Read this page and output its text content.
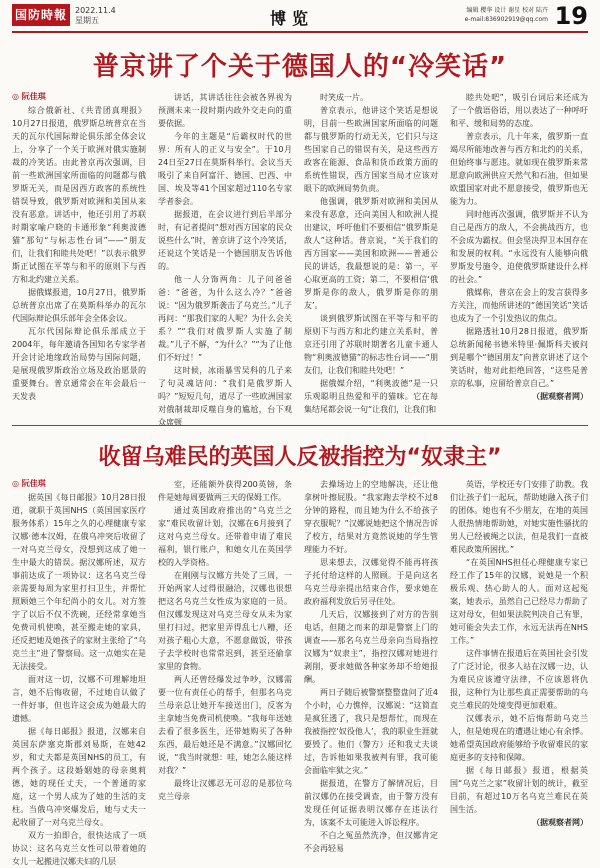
国防時報	2022.11.4
星期五	博览	编辑 樱华 设计 谢星 校对 陆卉
e-mail:836902919@qq.com 19
普京讲了个关于德国人的“冷笑话”
◎ 阮佳琪

综合俄新社、《共青团真理报》10月27日报道，俄罗斯总统普京在当天的瓦尔代国际辩论俱乐部全体会议上，分享了一个关于欧洲对俄实施制裁的冷笑话。由此普京再次强调，目前一些欧洲国家所面临的问题都与俄罗斯无关，而是因西方政客的系统性错误导致，俄罗斯对欧洲和美国从来没有恶意。讲话中，他还引用了苏联时期家喻户晓的卡通形象“利奥波德猫”那句“与标志性台词”——“朋友们，让我们和睦共处吧！”以表示俄罗斯正试图在平等与和平的原则下与西方和北约建立关系。

据俄媒报道，10月27日，俄罗斯总统普京出席了在莫斯科举办的瓦尔代国际辩论俱乐部年会全体会议。

瓦尔代国际辩论俱乐部成立于2004年，每年邀请各国知名专家学者开会讨论地缘政治局势与国际问题，是展现俄罗斯政治立场及政治愿景的重要舞台。普京通常会在年会最后一天发表

讲话，其讲话往往会被各界视为预测未来一段时期内政外交走向的重要依据。

今年的主题是“后霸权时代的世界：所有人的正义与安全”。于10月24日至27日在莫斯科举行。会议当天吸引了来自阿富汗、德国、巴西、中国、埃及等41个国家超过110名专家学者参会。

据报道，在会议进行到后半部分时，有记者提问“想对西方国家的民众说些什么”时，普京讲了这个冷笑话，还说这个笑话是一个德国朋友告诉他的。

他一人分饰两角：儿子问爸爸爸：“爸爸，为什么这么冷？”爸爸说：“因为俄罗斯袭击了乌克兰。”儿子再问：“那我们家的人呢？为什么会关系？”“我们对俄罗斯人实施了制裁。”儿子不解，“为什么？”“为了让他们不好过！”

这时候，冰雨暴雪吴科的几子来了句灵魂诘问：“我们是俄罗斯人吗？”短短几句，道尽了一些欧洲国家对俄制裁却反噬自身的尴尬，台下观众席顿

时笑成一片。

普京表示，他讲这个笑话是想说明，目前一些欧洲国家所面临的问题都与俄罗斯的行动无关，它们只与这些国家自己的错误有关，是这些西方政客在能源、食品和货币政策方面的系统性错误，西方国家当局才应该对眼下的欧洲局势负责。

他强调，俄罗斯对欧洲和美国从来没有恶意，还向美国人和欧洲人提出建议，呼吁他们不要相信“俄罗斯是敌人”这种话。普京说，“关于我们的西方国家——美国和欧洲——普通公民的讲话，我最想说的是：第一，平心取更高的工资；第二，不要相信‘俄罗斯是你的敌人，俄罗斯是你的朋友’。

谈到俄罗斯试图在平等与和平的原则下与西方和北约建立关系时，普京还引用了苏联时期著名儿童卡通人物“利奥波德猫”的标志性台词——“朋友们，让我们和睦共处吧！”

据俄媒介绍，“利奥波德”是一只乐观聪明且热爱和平的猫咪。它在每集结尾都会说一句“让我们，让我们和

睦共处吧”，吸引台词后来还成为了一个俄语俗语，用以表达了一种呼吁和平、缓和局势的态度。

普京表示，几十年来，俄罗斯一直竭尽所能地改善与西方和北约的关系，但始终事与愿违。就如现在俄罗斯来常愿意向欧洲供应天然气和石油，但如果欧盟国家对此不愿意接受，俄罗斯也无能为力。

同时他再次强调，俄罗斯并不认为自己是西方的敌人，不会挑战西方，也不会成为霸权。但会坚决捍卫本国存在和发展的权利。“永远没有人能够向俄罗斯发号施令，迫使俄罗斯建设什么样的社会。”

俄媒称，普京在会上的发言获得多方关注，而他所讲述的“德国笑话”笑话也成为了一个引发热议的焦点。

据路透社10月28日报道，俄罗斯总统新闻秘书德米特里·佩斯科夫被问到是哪个“德国朋友”向普京讲述了这个笑话时，他对此拒绝回答，“这些是普京的私事，应留给普京自己。”

（据观察者网）

收留乌难民的英国人反被指控为“奴隶主”
◎ 阮佳琪

据英国《每日邮报》10月28日报道，就职于英国NHS（英国国家医疗服务体系）15年之久的心理健康专家汉娜·德本汉姆，在俄乌冲突后收留了一对乌克兰母女，没想到这成了她一生中最大的错误。据汉娜所述，双方事前达成了一项协议：这名乌克兰母亲需要每周为家里打扫卫生，并帮忙照顾她三个年纪尚小的女儿。对方签字了以后不仅不洗碗，还经常拿她当免费司机使唤，甚至搬走她的家具，还反把她及她孩子的家财主张给了“乌克兰主”进了警察局。这一点她实在是无法接受。

面对这一切，汉娜不可理解地坦言，她不后悔收留，不过她自认做了一件好事，但也许这会成为她最大的遗憾。

据《每日邮报》报道，汉娜来自英国东萨塞克斯郡刘易斯，在她42岁，和丈夫都是英国NHS的员工，有两个孩子。这段婚姻她的母亲奥莉德，她的现任丈夫，一个普通的家庭，这一个男人成为了她的生活的支柱。当俄乌冲突爆发后，她与丈夫一起收留了一对乌克兰母女。

双方一拍即合，很快达成了一项协议：这名乌克兰女性可以带着她的女儿一起搬进汉娜夫妇的几层

室，还能额外获得200英镑，条件是她每周要做两三天的保姆工作。

通过英国政府推出的“乌克兰之家”难民收留计划，汉娜在6月接到了这对乌克兰母女。还带着申请了难民福利，银行账户，和她女儿在英国学校的入学资格。

在刚刚与汉娜方共处了三周，一开始两家人过得很融洽，汉娜也很想把这名乌克兰女性成为家庭的一员。但汉娜发现这对乌克兰母女从未为家里打扫过，把家里弄得乱七八糟，还对孩子粗心大意，不愿意做饭，带孩子去学校时也常常迟到，甚至还偷拿家里的食物。

两人还曾经爆发过争吵，汉娜需要一位有责任心的帮手，但那名乌克兰母亲总让她开车接送出门，反客为主拿她当免费司机使唤。“我每年送她去看了很多医生，还带她购买了各种东西，最后她还是不满意。”汉娜回忆说，“我当时就想：哇，她怎么能这样对我？”

最终让汉娜忍无可忍的是那位乌克兰母亲

去操场边上的空地解决，还让他拿树叶擦屁股。“我家跑去学校不过8分钟的路程，而且她为什么不给孩子穿衣服呢？”汉娜说她把这个情况告诉了校方，结果对方竟然说她的学生管理能力不好。

思来想去，汉娜觉得不能再将孩子托付给这样的人照顾。于是向这名乌克兰母亲提出结束合作，要求她在政府福利发放后另寻住处。

几天后，汉娜接到了对方的告别电话，但随之而来的却是警察上门的调查——那名乌克兰母亲向当局指控汉娜为“奴隶主”，指控汉娜对她进行剥削，要求她做各种家务却不给她报酬。

两日子随后被警察整整盘问了近4个小时，心力憔悴，汉娜说：“这简直是疯狂透了，我只是想帮忙，而现在我被指控‘奴役他人’，我的职业生涯就要毁了。他们（警方）还和我丈夫谈过，告诉他如果我被判有罪，我可能会面临牢狱之灾。”

据报道，在警方了解情况后，目前汉娜仍在接受调查，由于警方没有发现任何证据表明汉娜存在违法行为，该案不太可能进入诉讼程序。

不白之冤虽然洗净，但汉娜肯定不会再轻易

英语，学校还专门安排了助教。我们让孩子们一起玩，帮助她融入孩子们的团体。她也有不少朋友，在地的英国人很热情地帮助她，对她实施性骚扰的男人已经被绳之以法，但是我们一直被难民政策所困扰。”

“在英国NHS担任心理健康专家已经工作了15年的汉娜，说她是一个积极乐观、热心助人的人。面对这起冤案，她表示，虽然自己已经尽力帮助了这对母女，但如果法院判决自己有罪，她可能会失去工作，永远无法再在NHS工作。”

这件事情在报道后在英国社会引发了广泛讨论，很多人站在汉娜一边，认为难民应该遵守法律，不应该恩将仇报，这种行为让那些真正需要帮助的乌克兰难民的处境变得更加艰难。

汉娜表示，她不后悔帮助乌克兰人，但是她现在的遭遇让她心有余悸。她希望英国政府能够给予收留难民的家庭更多的支持和保障。

据《每日邮报》报道，根据英国“乌克兰之家”收留计划的统计，截至目前，有超过10万名乌克兰难民在英国生活。

（据观察者网）
